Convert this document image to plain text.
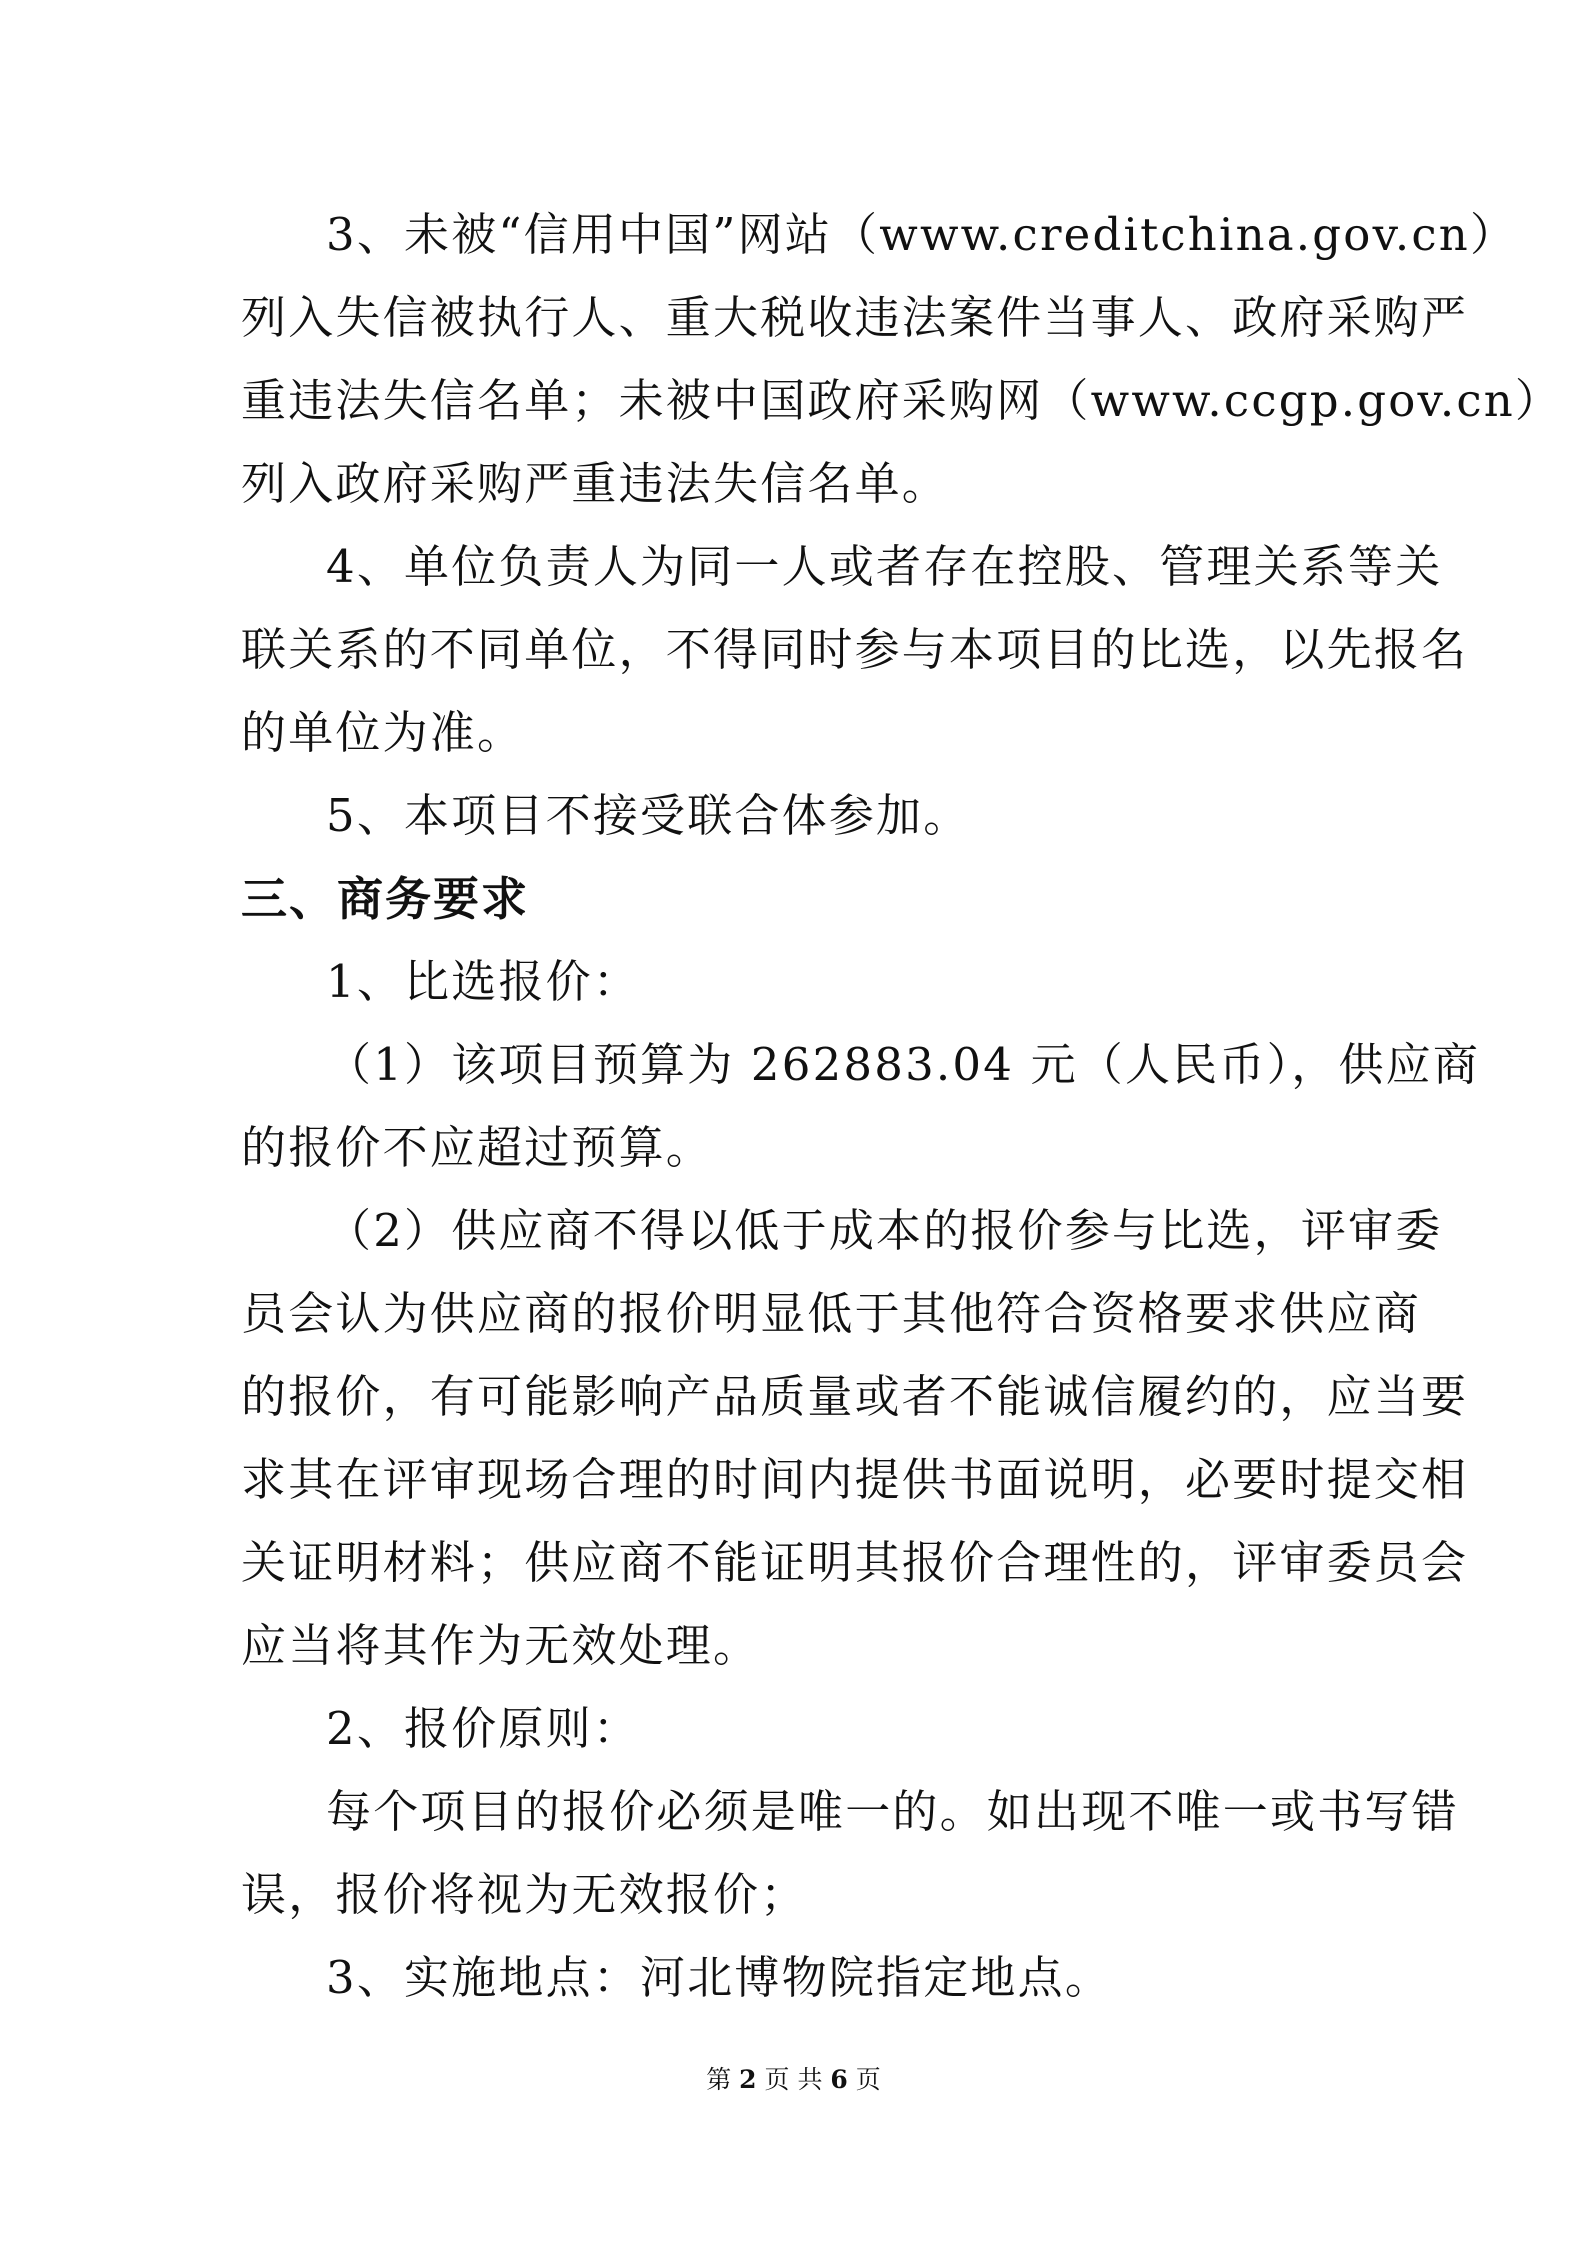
3、未被“信用中国”网站（www.creditchina.gov.cn）

列入失信被执行人、重大税收违法案件当事人、政府采购严

重违法失信名单；未被中国政府采购网（www.ccgp.gov.cn）

列入政府采购严重违法失信名单。

4、单位负责人为同一人或者存在控股、管理关系等关

联关系的不同单位，不得同时参与本项目的比选，以先报名

的单位为准。

5、本项目不接受联合体参加。

三、商务要求

1、比选报价：

（1）该项目预算为 262883.04 元（人民币），供应商

的报价不应超过预算。

（2）供应商不得以低于成本的报价参与比选，评审委

员会认为供应商的报价明显低于其他符合资格要求供应商

的报价，有可能影响产品质量或者不能诚信履约的，应当要

求其在评审现场合理的时间内提供书面说明，必要时提交相

关证明材料；供应商不能证明其报价合理性的，评审委员会

应当将其作为无效处理。

2、报价原则：

每个项目的报价必须是唯一的。如出现不唯一或书写错

误，报价将视为无效报价；

3、实施地点：河北博物院指定地点。

第 2 页 共 6 页
